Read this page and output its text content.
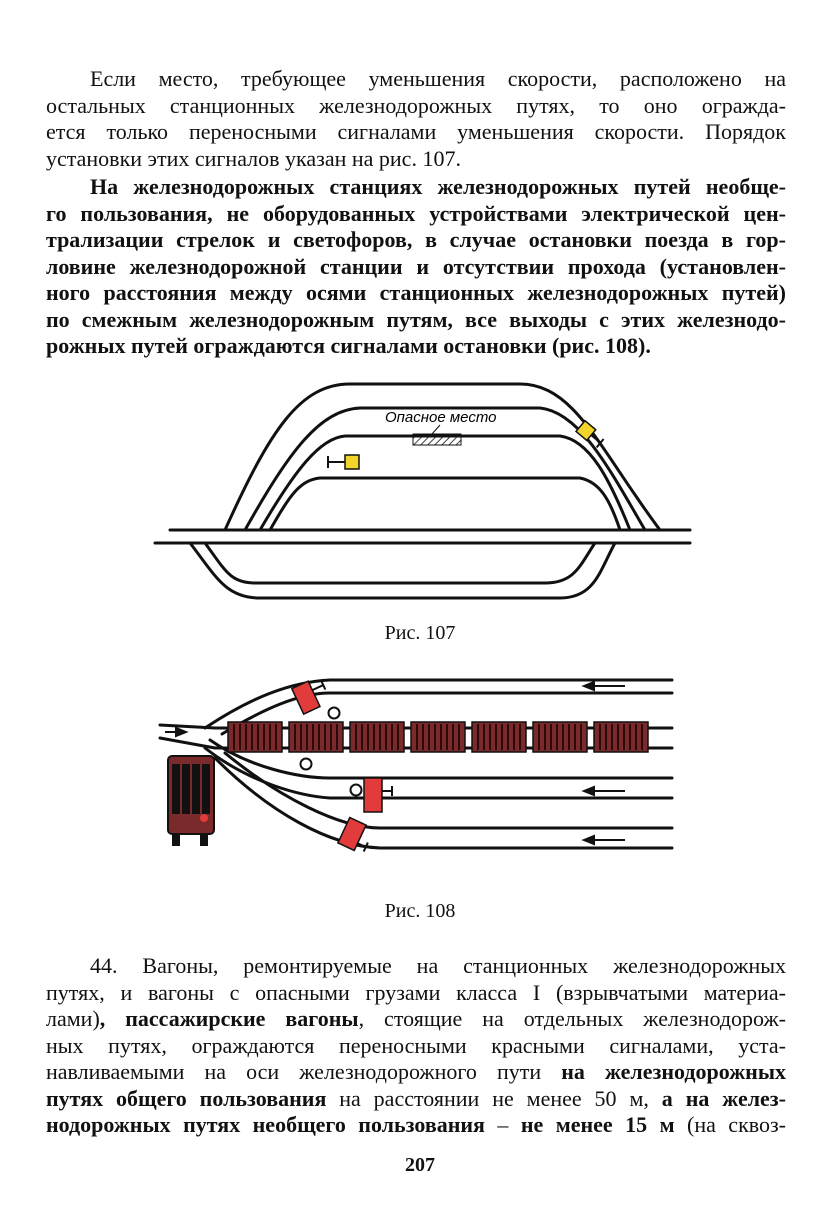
Если место, требующее уменьшения скорости, расположено на
остальных станционных железнодорожных путях, то оно огражда-
ется только переносными сигналами уменьшения скорости. Порядок
установки этих сигналов указан на рис. 107.
На железнодорожных станциях железнодорожных путей необще-
го пользования, не оборудованных устройствами электрической цен-
трализации стрелок и светофоров, в случае остановки поезда в гор-
ловине железнодорожной станции и отсутствии прохода (установлен-
ного расстояния между осями станционных железнодорожных путей)
по смежным железнодорожным путям, все выходы с этих железнодо-
рожных путей ограждаются сигналами остановки (рис. 108).
Опасное место
Рис. 107
Рис. 108
44. Вагоны, ремонтируемые на станционных железнодорожных
путях, и вагоны с опасными грузами класса I (взрывчатыми материа-
лами), пассажирские вагоны, стоящие на отдельных железнодорож-
ных путях, ограждаются переносными красными сигналами, уста-
навливаемыми на оси железнодорожного пути на железнодорожных
путях общего пользования на расстоянии не менее 50 м, а на желез-
нодорожных путях необщего пользования – не менее 15 м (на сквоз-
207
